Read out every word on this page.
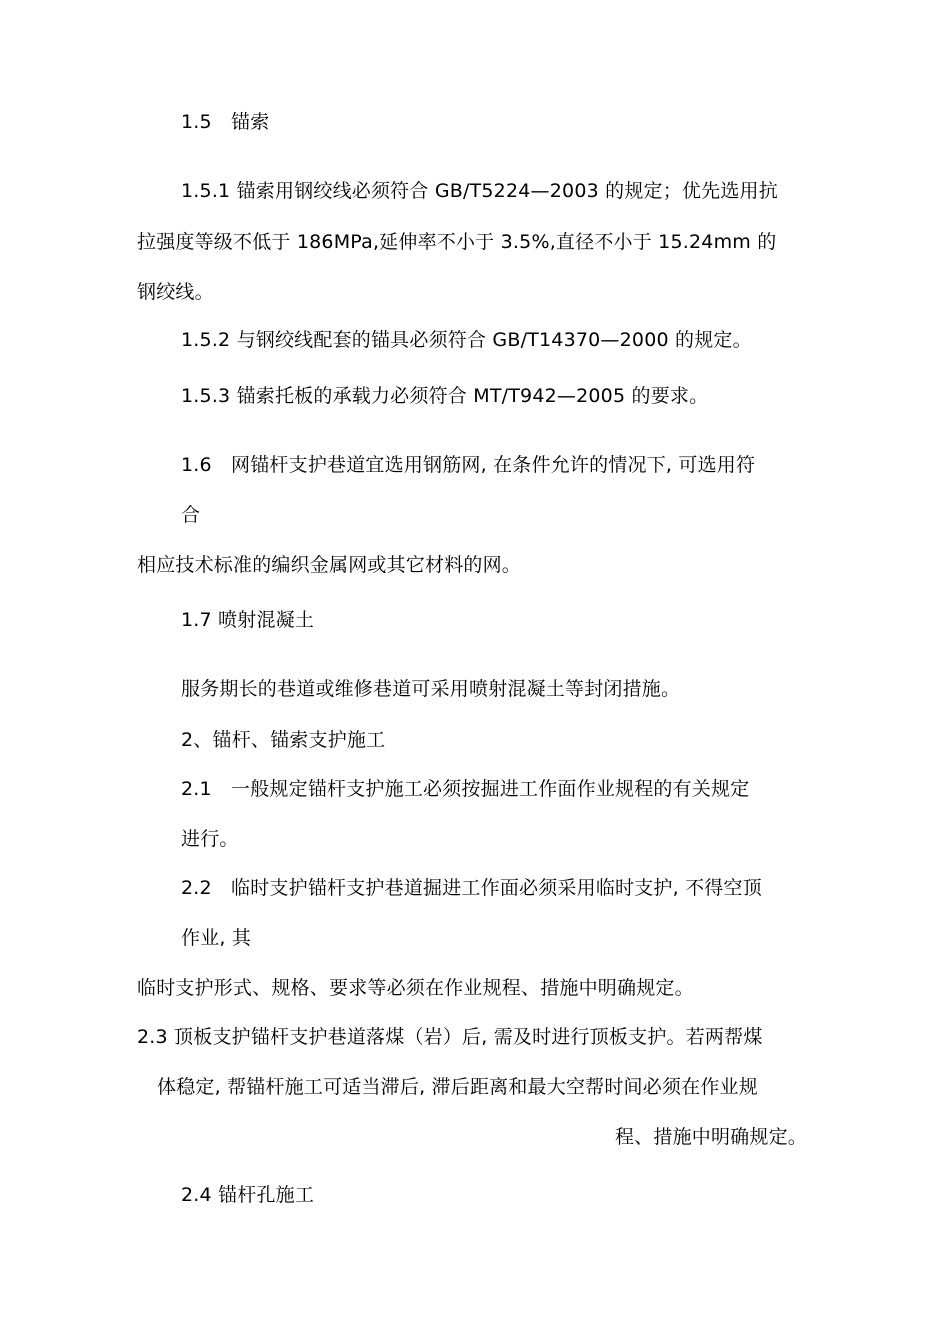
1.5　锚索
1.5.1 锚索用钢绞线必须符合 GB/T5224—2003 的规定；优先选用抗
拉强度等级不低于 186MPa,延伸率不小于 3.5%,直径不小于 15.24mm 的
钢绞线。
1.5.2 与钢绞线配套的锚具必须符合 GB/T14370—2000 的规定。
1.5.3 锚索托板的承载力必须符合 MT/T942—2005 的要求。
1.6　网锚杆支护巷道宜选用钢筋网, 在条件允许的情况下, 可选用符
合
相应技术标准的编织金属网或其它材料的网。
1.7 喷射混凝土
服务期长的巷道或维修巷道可采用喷射混凝土等封闭措施。
2、锚杆、锚索支护施工
2.1　一般规定锚杆支护施工必须按掘进工作面作业规程的有关规定
进行。
2.2　临时支护锚杆支护巷道掘进工作面必须采用临时支护, 不得空顶
作业, 其
临时支护形式、规格、要求等必须在作业规程、措施中明确规定。
2.3 顶板支护锚杆支护巷道落煤（岩）后, 需及时进行顶板支护。若两帮煤
体稳定, 帮锚杆施工可适当滞后, 滞后距离和最大空帮时间必须在作业规
程、措施中明确规定。
2.4 锚杆孔施工
